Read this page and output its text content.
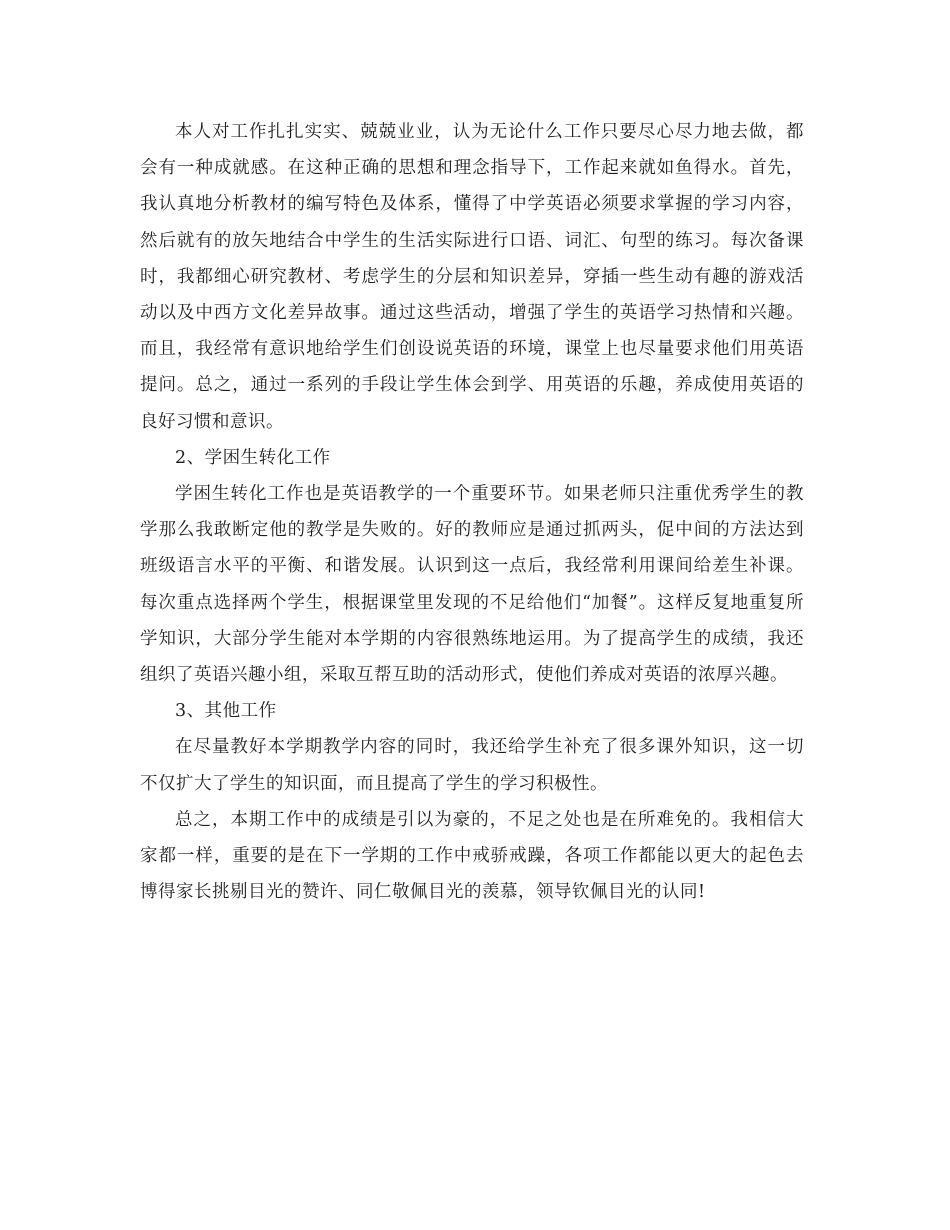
本人对工作扎扎实实、兢兢业业，认为无论什么工作只要尽心尽力地去做，都会有一种成就感。在这种正确的思想和理念指导下，工作起来就如鱼得水。首先，我认真地分析教材的编写特色及体系，懂得了中学英语必须要求掌握的学习内容，然后就有的放矢地结合中学生的生活实际进行口语、词汇、句型的练习。每次备课时，我都细心研究教材、考虑学生的分层和知识差异，穿插一些生动有趣的游戏活动以及中西方文化差异故事。通过这些活动，增强了学生的英语学习热情和兴趣。而且，我经常有意识地给学生们创设说英语的环境，课堂上也尽量要求他们用英语提问。总之，通过一系列的手段让学生体会到学、用英语的乐趣，养成使用英语的良好习惯和意识。

2、学困生转化工作

学困生转化工作也是英语教学的一个重要环节。如果老师只注重优秀学生的教学那么我敢断定他的教学是失败的。好的教师应是通过抓两头，促中间的方法达到班级语言水平的平衡、和谐发展。认识到这一点后，我经常利用课间给差生补课。每次重点选择两个学生，根据课堂里发现的不足给他们“加餐”。这样反复地重复所学知识，大部分学生能对本学期的内容很熟练地运用。为了提高学生的成绩，我还组织了英语兴趣小组，采取互帮互助的活动形式，使他们养成对英语的浓厚兴趣。

3、其他工作

在尽量教好本学期教学内容的同时，我还给学生补充了很多课外知识，这一切不仅扩大了学生的知识面，而且提高了学生的学习积极性。

总之，本期工作中的成绩是引以为豪的，不足之处也是在所难免的。我相信大家都一样，重要的是在下一学期的工作中戒骄戒躁，各项工作都能以更大的起色去博得家长挑剔目光的赞许、同仁敬佩目光的羡慕，领导钦佩目光的认同!
